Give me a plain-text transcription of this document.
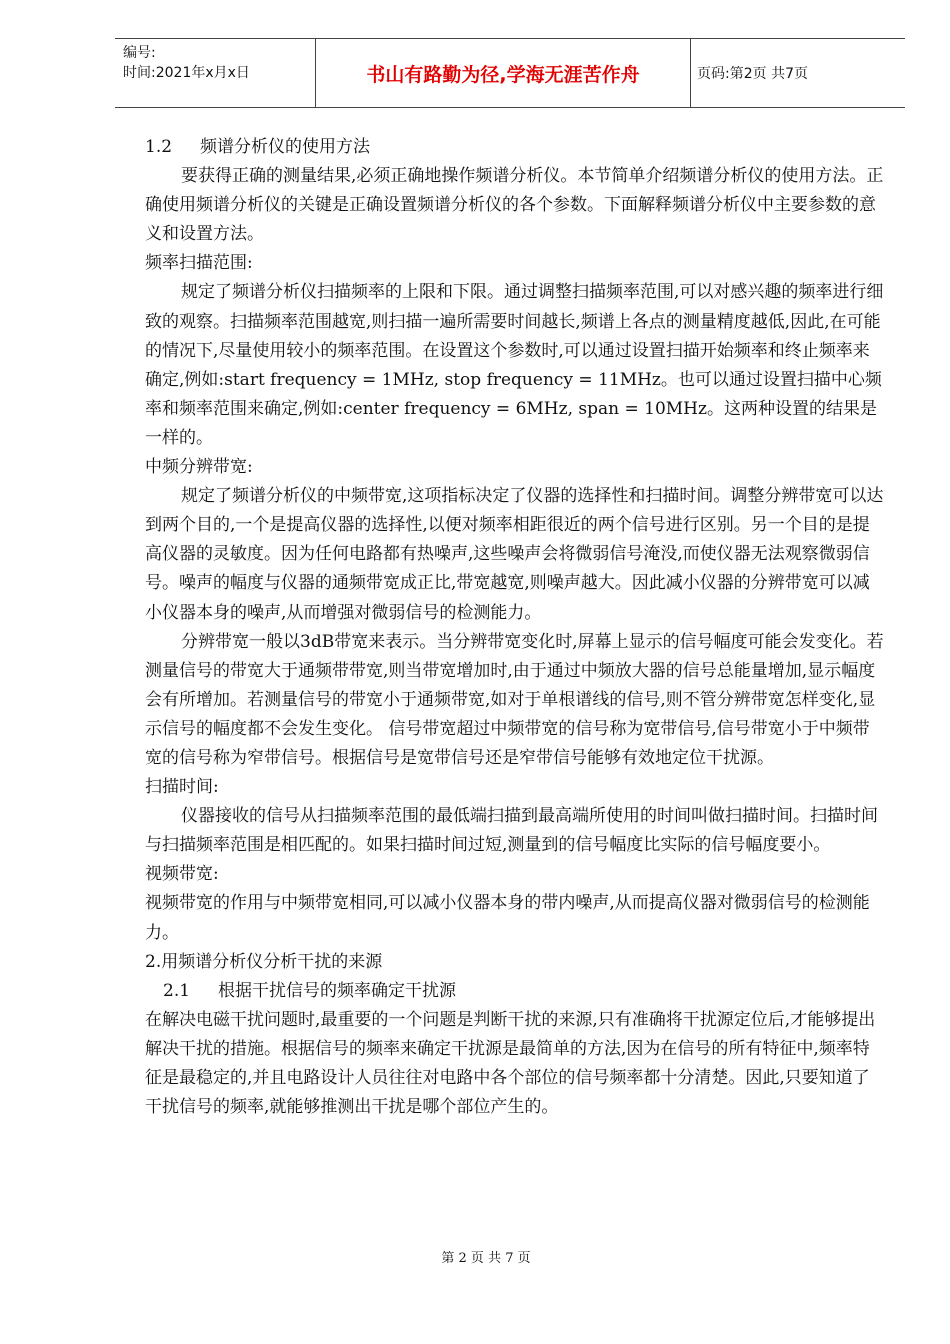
编号:
时间:2021年x月x日	书山有路勤为径,学海无涯苦作舟	页码:第2页 共7页

1.2 频谱分析仪的使用方法

要获得正确的测量结果,必须正确地操作频谱分析仪。本节简单介绍频谱分析仪的使用方法。正确使用频谱分析仪的关键是正确设置频谱分析仪的各个参数。下面解释频谱分析仪中主要参数的意义和设置方法。

频率扫描范围:

规定了频谱分析仪扫描频率的上限和下限。通过调整扫描频率范围,可以对感兴趣的频率进行细致的观察。扫描频率范围越宽,则扫描一遍所需要时间越长,频谱上各点的测量精度越低,因此,在可能的情况下,尽量使用较小的频率范围。在设置这个参数时,可以通过设置扫描开始频率和终止频率来确定,例如:start frequency = 1MHz, stop frequency = 11MHz。也可以通过设置扫描中心频率和频率范围来确定,例如:center frequency = 6MHz, span = 10MHz。这两种设置的结果是一样的。

中频分辨带宽:

规定了频谱分析仪的中频带宽,这项指标决定了仪器的选择性和扫描时间。调整分辨带宽可以达到两个目的,一个是提高仪器的选择性,以便对频率相距很近的两个信号进行区别。另一个目的是提高仪器的灵敏度。因为任何电路都有热噪声,这些噪声会将微弱信号淹没,而使仪器无法观察微弱信号。噪声的幅度与仪器的通频带宽成正比,带宽越宽,则噪声越大。因此减小仪器的分辨带宽可以减小仪器本身的噪声,从而增强对微弱信号的检测能力。

分辨带宽一般以3dB带宽来表示。当分辨带宽变化时,屏幕上显示的信号幅度可能会发变化。若测量信号的带宽大于通频带带宽,则当带宽增加时,由于通过中频放大器的信号总能量增加,显示幅度会有所增加。若测量信号的带宽小于通频带宽,如对于单根谱线的信号,则不管分辨带宽怎样变化,显示信号的幅度都不会发生变化。 信号带宽超过中频带宽的信号称为宽带信号,信号带宽小于中频带宽的信号称为窄带信号。根据信号是宽带信号还是窄带信号能够有效地定位干扰源。

扫描时间:

仪器接收的信号从扫描频率范围的最低端扫描到最高端所使用的时间叫做扫描时间。扫描时间与扫描频率范围是相匹配的。如果扫描时间过短,测量到的信号幅度比实际的信号幅度要小。

视频带宽:

视频带宽的作用与中频带宽相同,可以减小仪器本身的带内噪声,从而提高仪器对微弱信号的检测能力。

2.用频谱分析仪分析干扰的来源

2.1 根据干扰信号的频率确定干扰源

在解决电磁干扰问题时,最重要的一个问题是判断干扰的来源,只有准确将干扰源定位后,才能够提出解决干扰的措施。根据信号的频率来确定干扰源是最简单的方法,因为在信号的所有特征中,频率特征是最稳定的,并且电路设计人员往往对电路中各个部位的信号频率都十分清楚。因此,只要知道了干扰信号的频率,就能够推测出干扰是哪个部位产生的。

第 2 页 共 7 页
